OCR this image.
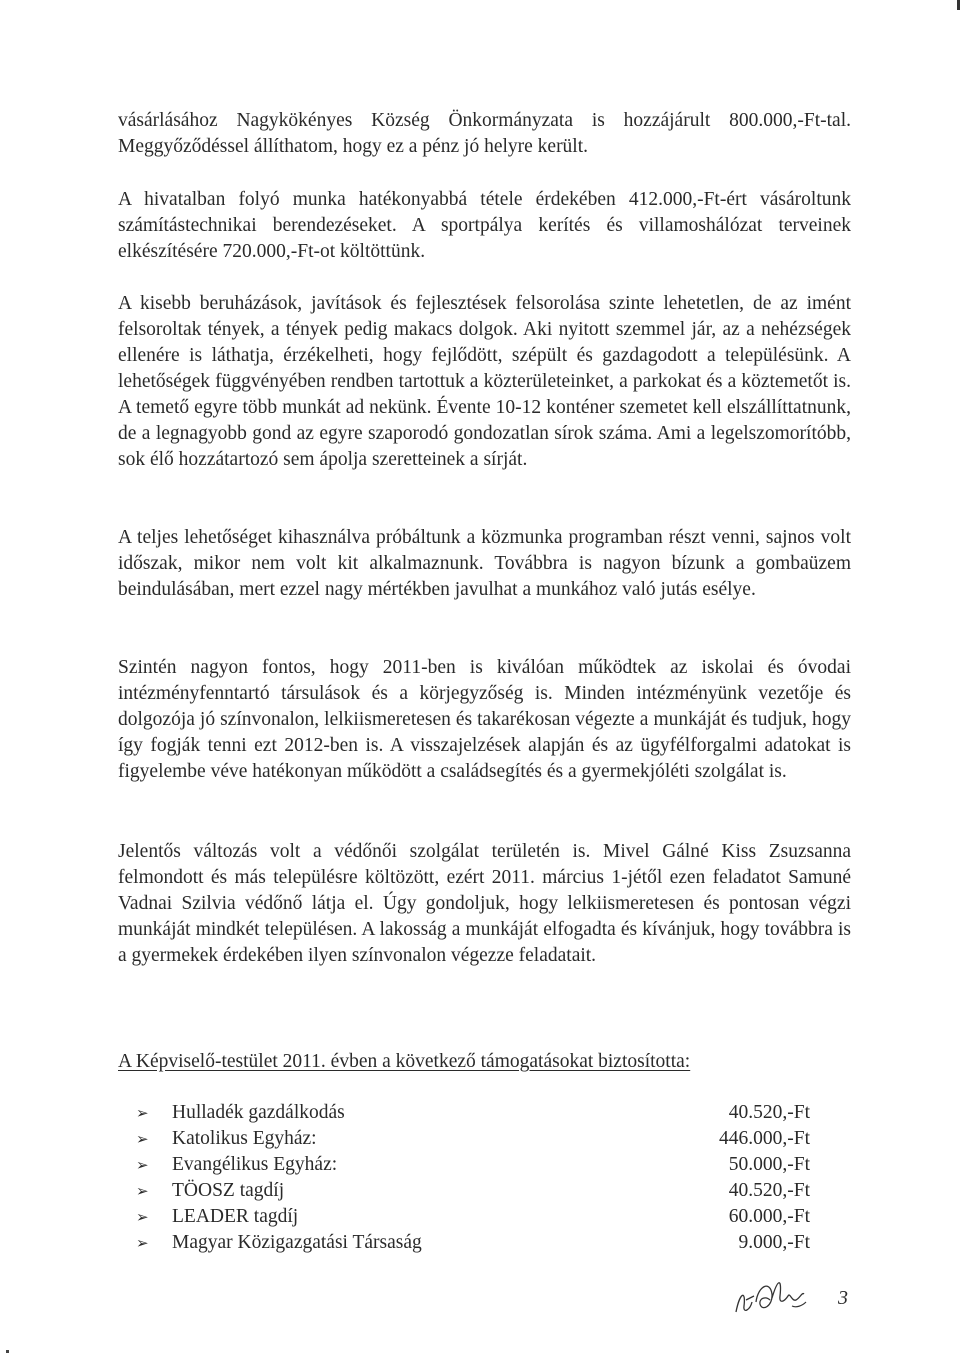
vásárlásához Nagykökényes Község Önkormányzata is hozzájárult 800.000,-Ft-tal. Meggyőződéssel állíthatom, hogy ez a pénz jó helyre került.

A hivatalban folyó munka hatékonyabbá tétele érdekében 412.000,-Ft-ért vásároltunk számítástechnikai berendezéseket. A sportpálya kerítés és villamoshálózat terveinek elkészítésére 720.000,-Ft-ot költöttünk.

A kisebb beruházások, javítások és fejlesztések felsorolása szinte lehetetlen, de az imént felsoroltak tények, a tények pedig makacs dolgok. Aki nyitott szemmel jár, az a nehézségek ellenére is láthatja, érzékelheti, hogy fejlődött, szépült és gazdagodott a településünk. A lehetőségek függvényében rendben tartottuk a közterületeinket, a parkokat és a köztemetőt is. A temető egyre több munkát ad nekünk. Évente 10-12 konténer szemetet kell elszállíttatnunk, de a legnagyobb gond az egyre szaporodó gondozatlan sírok száma. Ami a legelszomorítóbb, sok élő hozzátartozó sem ápolja szeretteinek a sírját.

A teljes lehetőséget kihasználva próbáltunk a közmunka programban részt venni, sajnos volt időszak, mikor nem volt kit alkalmaznunk. Továbbra is nagyon bízunk a gombaüzem beindulásában, mert ezzel nagy mértékben javulhat a munkához való jutás esélye.

Szintén nagyon fontos, hogy 2011-ben is kiválóan működtek az iskolai és óvodai intézményfenntartó társulások és a körjegyzőség is. Minden intézményünk vezetője és dolgozója jó színvonalon, lelkiismeretesen és takarékosan végezte a munkáját és tudjuk, hogy így fogják tenni ezt 2012-ben is. A visszajelzések alapján és az ügyfélforgalmi adatokat is figyelembe véve hatékonyan működött a családsegítés és a gyermekjóléti szolgálat is.

Jelentős változás volt a védőnői szolgálat területén is. Mivel Gálné Kiss Zsuzsanna felmondott és más településre költözött, ezért 2011. március 1-jétől ezen feladatot Samuné Vadnai Szilvia védőnő látja el. Úgy gondoljuk, hogy lelkiismeretesen és pontosan végzi munkáját mindkét településen. A lakosság a munkáját elfogadta és kívánjuk, hogy továbbra is a gyermekek érdekében ilyen színvonalon végezze feladatait.

A Képviselő-testület 2011. évben a következő támogatásokat biztosította:

➢	Hulladék gazdálkodás	40.520,-Ft
➢	Katolikus Egyház:	446.000,-Ft
➢	Evangélikus Egyház:	50.000,-Ft
➢	TÖOSZ tagdíj	40.520,-Ft
➢	LEADER tagdíj	60.000,-Ft
➢	Magyar Közigazgatási Társaság	9.000,-Ft
3
